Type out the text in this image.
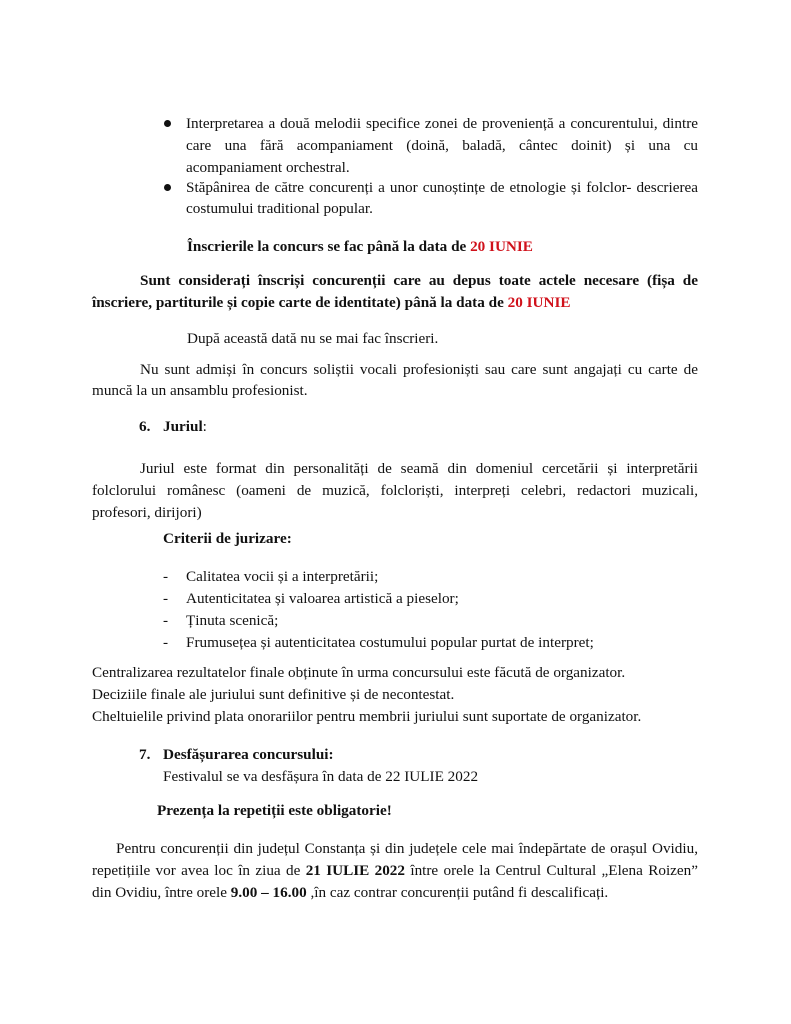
Interpretarea a două melodii specifice zonei de proveniență a concurentului, dintre
care una fără acompaniament (doină, baladă, cântec doinit) și una cu
acompaniament orchestral.
Stăpânirea de către concurenți a unor cunoștințe de etnologie și folclor- descrierea
costumului traditional popular.
Înscrierile la concurs se fac până la data de 20 IUNIE
Sunt considerați înscriși concurenții care au depus toate actele necesare (fișa de
înscriere, partiturile și copie carte de identitate) până la data de 20 IUNIE
După această dată nu se mai fac înscrieri.
Nu sunt admiși în concurs soliștii vocali profesioniști sau care sunt angajați cu carte de
muncă la un ansamblu profesionist.
6. Juriul:
Juriul este format din personalități de seamă din domeniul cercetării și interpretării
folclorului românesc (oameni de muzică, folcloriști, interpreți celebri, redactori muzicali,
profesori, dirijori)
Criterii de jurizare:
- Calitatea vocii și a interpretării;
- Autenticitatea și valoarea artistică a pieselor;
- Ținuta scenică;
- Frumusețea și autenticitatea costumului popular purtat de interpret;
Centralizarea rezultatelor finale obținute în urma concursului este făcută de organizator.
Deciziile finale ale juriului sunt definitive și de necontestat.
Cheltuielile privind plata onorariilor pentru membrii juriului sunt suportate de organizator.
7. Desfășurarea concursului:
Festivalul se va desfășura în data de 22 IULIE 2022
Prezența la repetiții este obligatorie!
Pentru concurenții din județul Constanța și din județele cele mai îndepărtate de orașul Ovidiu,
repetițiile vor avea loc în ziua de 21 IULIE 2022 între orele la Centrul Cultural „Elena Roizen”
din Ovidiu, între orele 9.00 – 16.00 ,în caz contrar concurenții putând fi descalificați.
